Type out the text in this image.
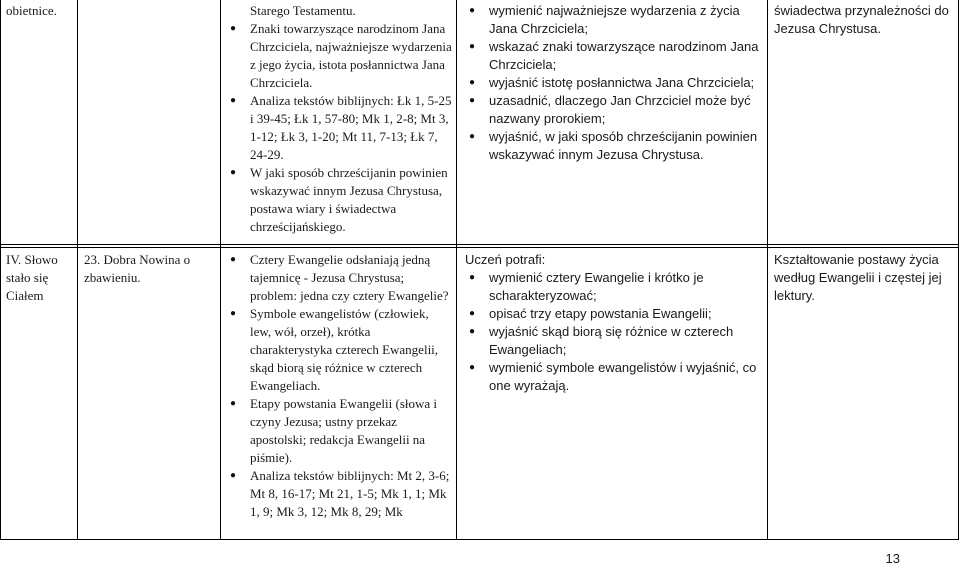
obietnice.	Starego Testamentu.
● Znaki towarzyszące narodzinom Jana Chrzciciela, najważniejsze wydarzenia z jego życia, istota posłannictwa Jana Chrzciciela.
● Analiza tekstów biblijnych: Łk 1, 5-25 i 39-45; Łk 1, 57-80; Mk 1, 2-8; Mt 3, 1-12; Łk 3, 1-20; Mt 11, 7-13; Łk 7, 24-29.
● W jaki sposób chrześcijanin powinien wskazywać innym Jezusa Chrystusa, postawa wiary i świadectwa chrześcijańskiego.
● wymienić najważniejsze wydarzenia z życia Jana Chrzciciela;
● wskazać znaki towarzyszące narodzinom Jana Chrzciciela;
● wyjaśnić istotę posłannictwa Jana Chrzciciela;
● uzasadnić, dlaczego Jan Chrzciciel może być nazwany prorokiem;
● wyjaśnić, w jaki sposób chrześcijanin powinien wskazywać innym Jezusa Chrystusa.
świadectwa przynależności do Jezusa Chrystusa.
IV. Słowo stało się Ciałem
23. Dobra Nowina o zbawieniu.
● Cztery Ewangelie odsłaniają jedną tajemnicę - Jezusa Chrystusa; problem: jedna czy cztery Ewangelie?
● Symbole ewangelistów (człowiek, lew, wół, orzeł), krótka charakterystyka czterech Ewangelii, skąd biorą się różnice w czterech Ewangeliach.
● Etapy powstania Ewangelii (słowa i czyny Jezusa; ustny przekaz apostolski; redakcja Ewangelii na piśmie).
● Analiza tekstów biblijnych: Mt 2, 3-6; Mt 8, 16-17; Mt 21, 1-5; Mk 1, 1; Mk 1, 9; Mk 3, 12; Mk 8, 29; Mk
Uczeń potrafi:
● wymienić cztery Ewangelie i krótko je scharakteryzować;
● opisać trzy etapy powstania Ewangelii;
● wyjaśnić skąd biorą się różnice w czterech Ewangeliach;
● wymienić symbole ewangelistów i wyjaśnić, co one wyrażają.
Kształtowanie postawy życia według Ewangelii i częstej jej lektury.
13
